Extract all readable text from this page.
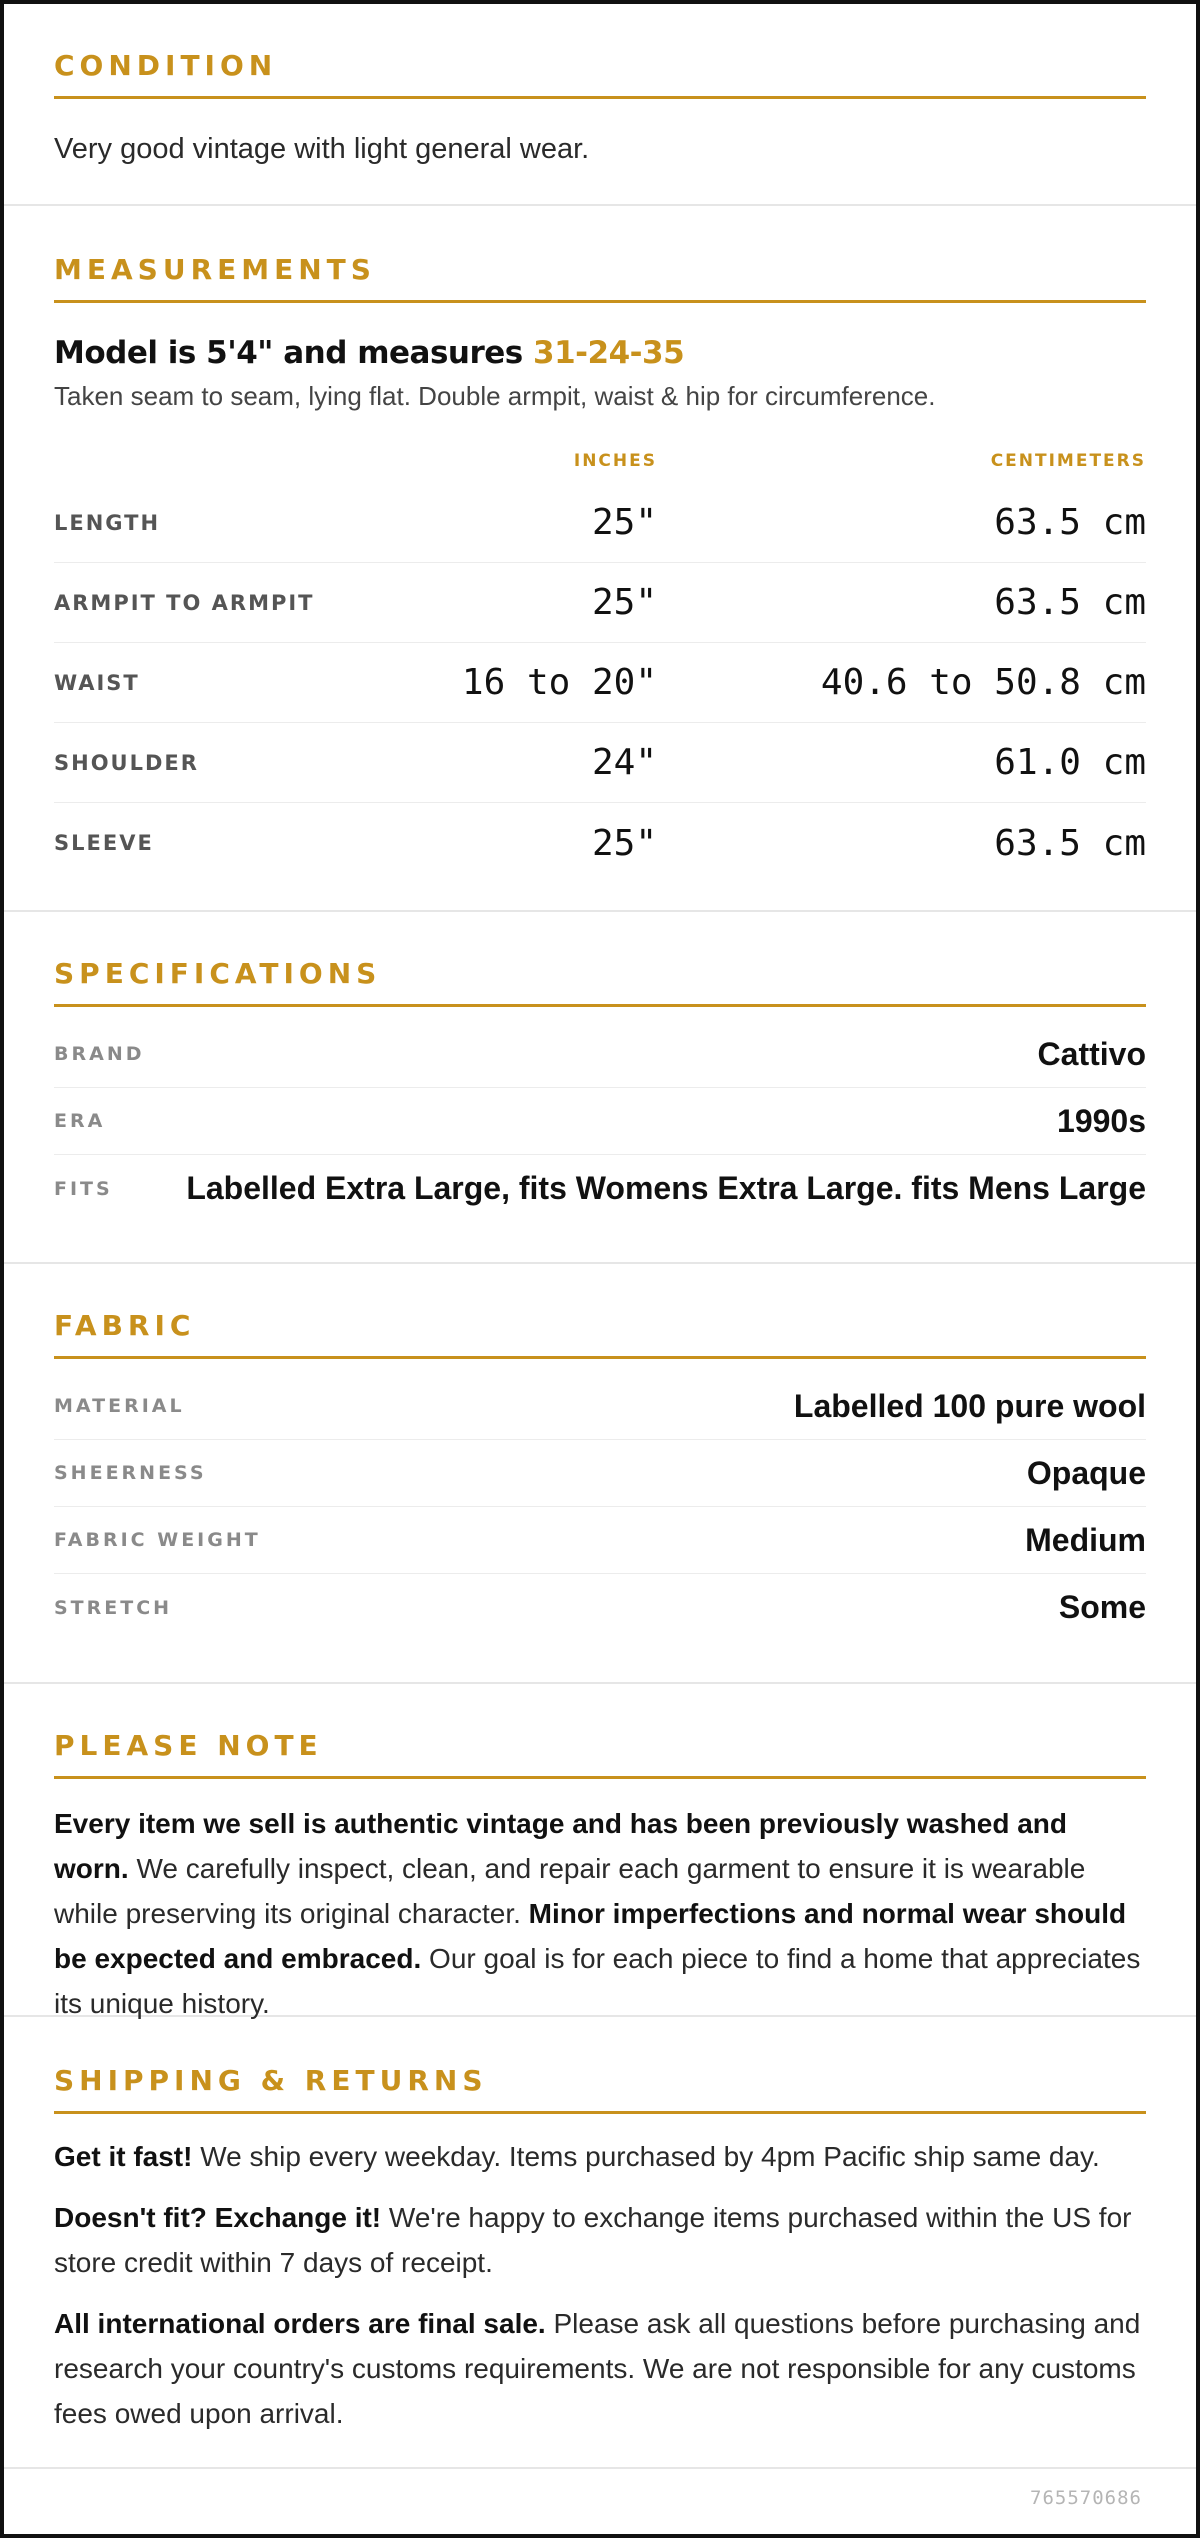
CONDITION

Very good vintage with light general wear.

MEASUREMENTS
Model is 5'4" and measures 31-24-35
Taken seam to seam, lying flat. Double armpit, waist & hip for circumference.
INCHES	CENTIMETERS
LENGTH	25"	63.5 cm
ARMPIT TO ARMPIT	25"	63.5 cm
WAIST	16 to 20"	40.6 to 50.8 cm
SHOULDER	24"	61.0 cm
SLEEVE	25"	63.5 cm
SPECIFICATIONS
BRAND	Cattivo
ERA	1990s
FITS Labelled Extra Large, fits Womens Extra Large. fits Mens Large
FABRIC
MATERIAL	Labelled 100 pure wool
SHEERNESS	Opaque
FABRIC WEIGHT	Medium
STRETCH	Some
PLEASE NOTE

Every item we sell is authentic vintage and has been previously washed and worn. We carefully inspect, clean, and repair each garment to ensure it is wearable while preserving its original character. Minor imperfections and normal wear should be expected and embraced. Our goal is for each piece to find a home that appreciates its unique history.

SHIPPING & RETURNS

Get it fast! We ship every weekday. Items purchased by 4pm Pacific ship same day.

Doesn't fit? Exchange it! We're happy to exchange items purchased within the US for store credit within 7 days of receipt.

All international orders are final sale. Please ask all questions before purchasing and research your country's customs requirements. We are not responsible for any customs fees owed upon arrival.

765570686
